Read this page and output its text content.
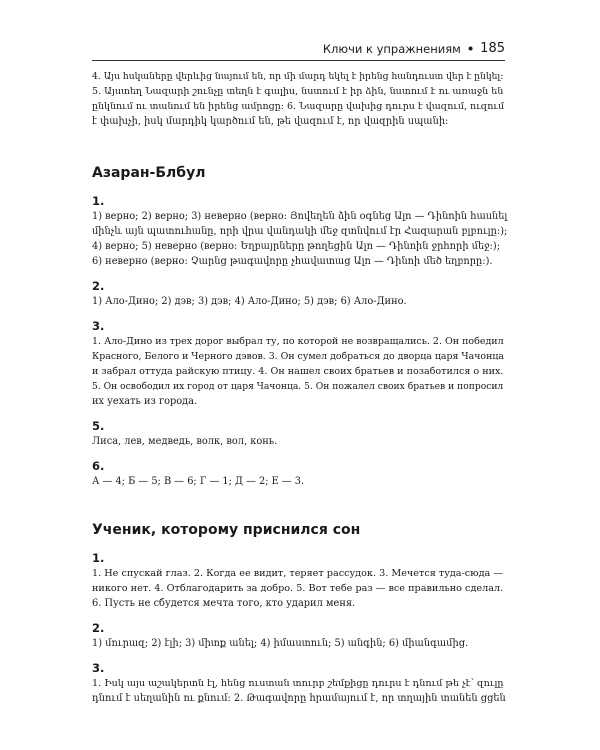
Ключи к упражнениям • 185

4. Այս հսկաները վերևից նայում են, որ մի մարդ եկել է իրենց հանդուստ վեր է ընկել:
5. Այստեղ Նազարի շունչը տեղն է գալիս, նստում է իր ձին, նստում է ու առաջն են
ընկնում ու տանում են իրենց ամրոցը: 6. Նազարը վախից դուրս է վազում, ուզում
է փախչի, իսկ մարդիկ կարծում են, թե վազում է, որ վազրին սպանի:

Азаран-Блбул
1.

1) верно; 2) верно; 3) неверно (верно: Յովեղեն ձին օգնեց Ալո — Դինոին հասնել
մինչև այն պատուհանը, որի վրա վանդակի մեջ զտնվում էր Հազարան բլբուլը:);
4) верно; 5) неверно (верно: Եղբայրները թողեցին Ալո — Դինոին ջրհորի մեջ:);
6) неверно (верно: Չարնց թագավորը չհավատաց Ալո — Դինոի մեծ եղբորը:).

2.

1) Ало-Дино; 2) дэв; 3) дэв; 4) Ало-Дино; 5) дэв; 6) Ало-Дино.

3.

1. Ало-Дино из трех дорог выбрал ту, по которой не возвращались. 2. Он победил
Красного, Белого и Черного дэвов. 3. Он сумел добраться до дворца царя Чачонца
и забрал оттуда райскую птицу. 4. Он нашел своих братьев и позаботился о них.
5. Он освободил их город от царя Чачонца. 5. Он пожалел своих братьев и попросил
их уехать из города.

5.

Лиса, лев, медведь, волк, вол, конь.

6.

А — 4; Б — 5; В — 6; Г — 1; Д — 2; Е — 3.

Ученик, которому приснился сон
1.

1. Не спускай глаз. 2. Когда ее видит, теряет рассудок. 3. Мечется туда-сюда —
никого нет. 4. Отблагодарить за добро. 5. Вот тебе раз — все правильно сделал.
6. Пусть не сбудется мечта того, кто ударил меня.

2.

1) մուրազ; 2) էլի; 3) միտք անել; 4) իմաստուն; 5) անգին; 6) միանգամից.

3.

1. Իսկ այս աշակերտն էլ, հենց ուստան տուրբ շեմքիցը դուրս է դնում թե չէ՝ զուլը
դնում է սեղանին ու քնում: 2. Թագավորը հրամայում է, որ տղային տանեն ցցեն
